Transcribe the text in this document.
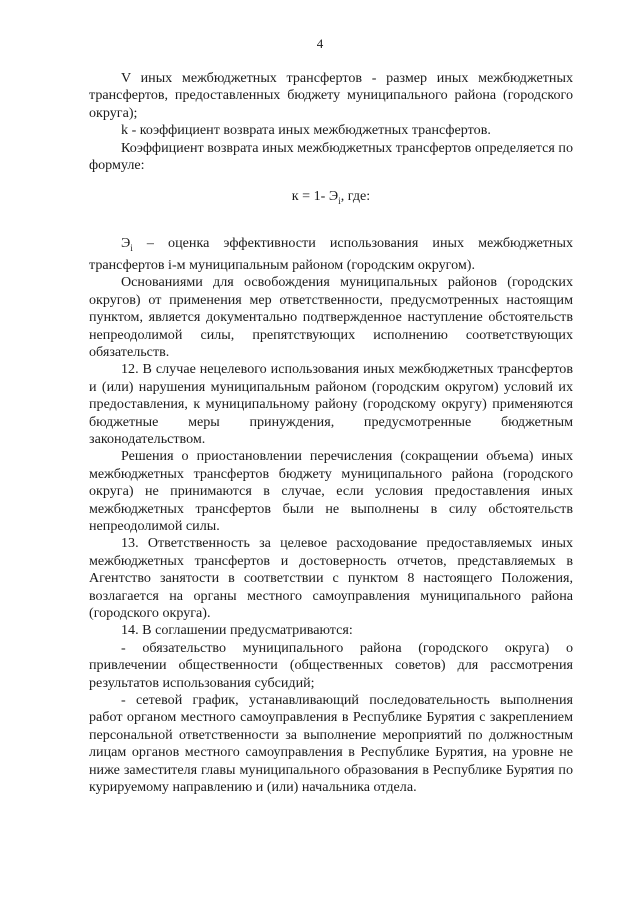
4

V иных межбюджетных трансфертов - размер иных межбюджетных трансфертов, предоставленных бюджету муниципального района (городского округа);

k - коэффициент возврата иных межбюджетных трансфертов.

Коэффициент возврата иных межбюджетных трансфертов определяется по формуле:

к = 1- $Э_i$, где:

$Э_i$ – оценка эффективности использования иных межбюджетных трансфертов i-м муниципальным районом (городским округом).

Основаниями для освобождения муниципальных районов (городских округов) от применения мер ответственности, предусмотренных настоящим пунктом, является документально подтвержденное наступление обстоятельств непреодолимой силы, препятствующих исполнению соответствующих обязательств.

12. В случае нецелевого использования иных межбюджетных трансфертов и (или) нарушения муниципальным районом (городским округом) условий их предоставления, к муниципальному району (городскому округу) применяются бюджетные меры принуждения, предусмотренные бюджетным законодательством.

Решения о приостановлении перечисления (сокращении объема) иных межбюджетных трансфертов бюджету муниципального района (городского округа) не принимаются в случае, если условия предоставления иных межбюджетных трансфертов были не выполнены в силу обстоятельств непреодолимой силы.

13. Ответственность за целевое расходование предоставляемых иных межбюджетных трансфертов и достоверность отчетов, представляемых в Агентство занятости в соответствии с пунктом 8 настоящего Положения, возлагается на органы местного самоуправления муниципального района (городского округа).

14. В соглашении предусматриваются:

- обязательство муниципального района (городского округа) о привлечении общественности (общественных советов) для рассмотрения результатов использования субсидий;

- сетевой график, устанавливающий последовательность выполнения работ органом местного самоуправления в Республике Бурятия с закреплением персональной ответственности за выполнение мероприятий по должностным лицам органов местного самоуправления в Республике Бурятия, на уровне не ниже заместителя главы муниципального образования в Республике Бурятия по курируемому направлению и (или) начальника отдела.
